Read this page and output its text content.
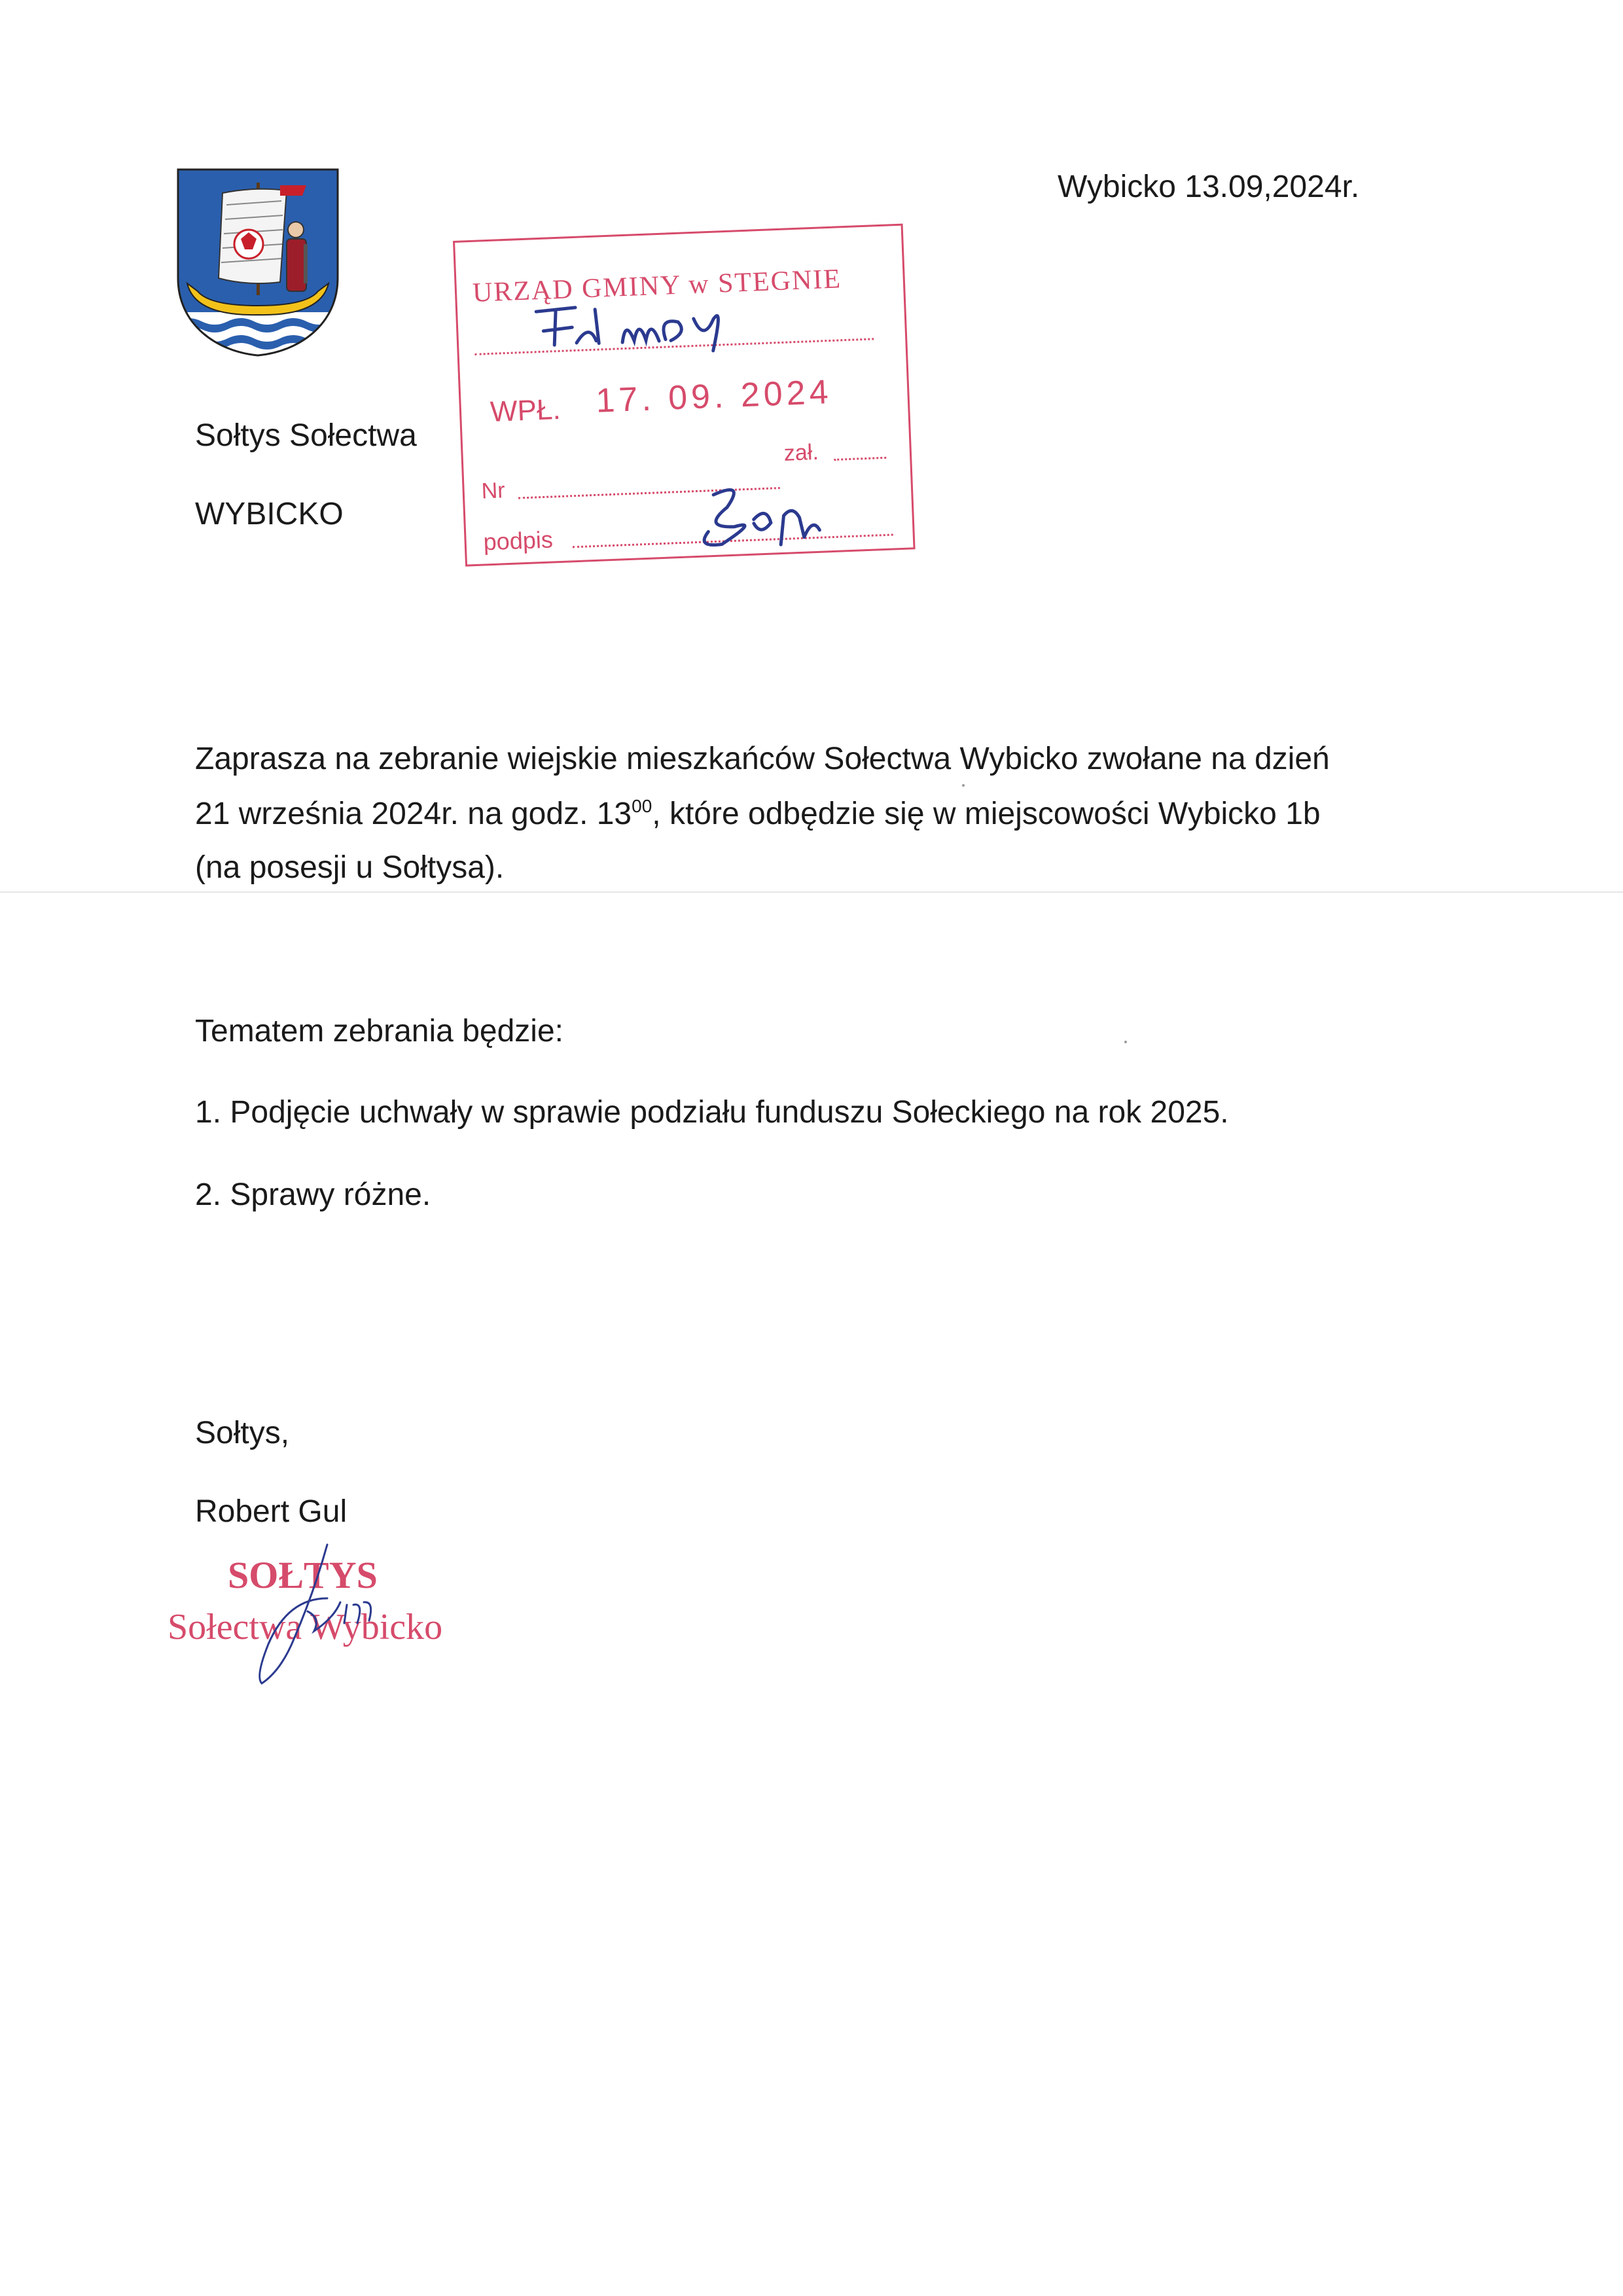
Wybicko 13.09,2024r.
Sołtys Sołectwa
WYBICKO
URZĄD GMINY w STEGNIE
WPŁ. 17. 09. 2024
zał.
Nr
podpis
Zaprasza na zebranie wiejskie mieszkańców Sołectwa Wybicko zwołane na dzień
21 września 2024r. na godz. $13^{00}$, które odbędzie się w miejscowości Wybicko 1b
(na posesji u Sołtysa).
Tematem zebrania będzie:
1. Podjęcie uchwały w sprawie podziału funduszu Sołeckiego na rok 2025.
2. Sprawy różne.
Sołtys,
Robert Gul
SOŁTYS
Sołectwa Wybicko
